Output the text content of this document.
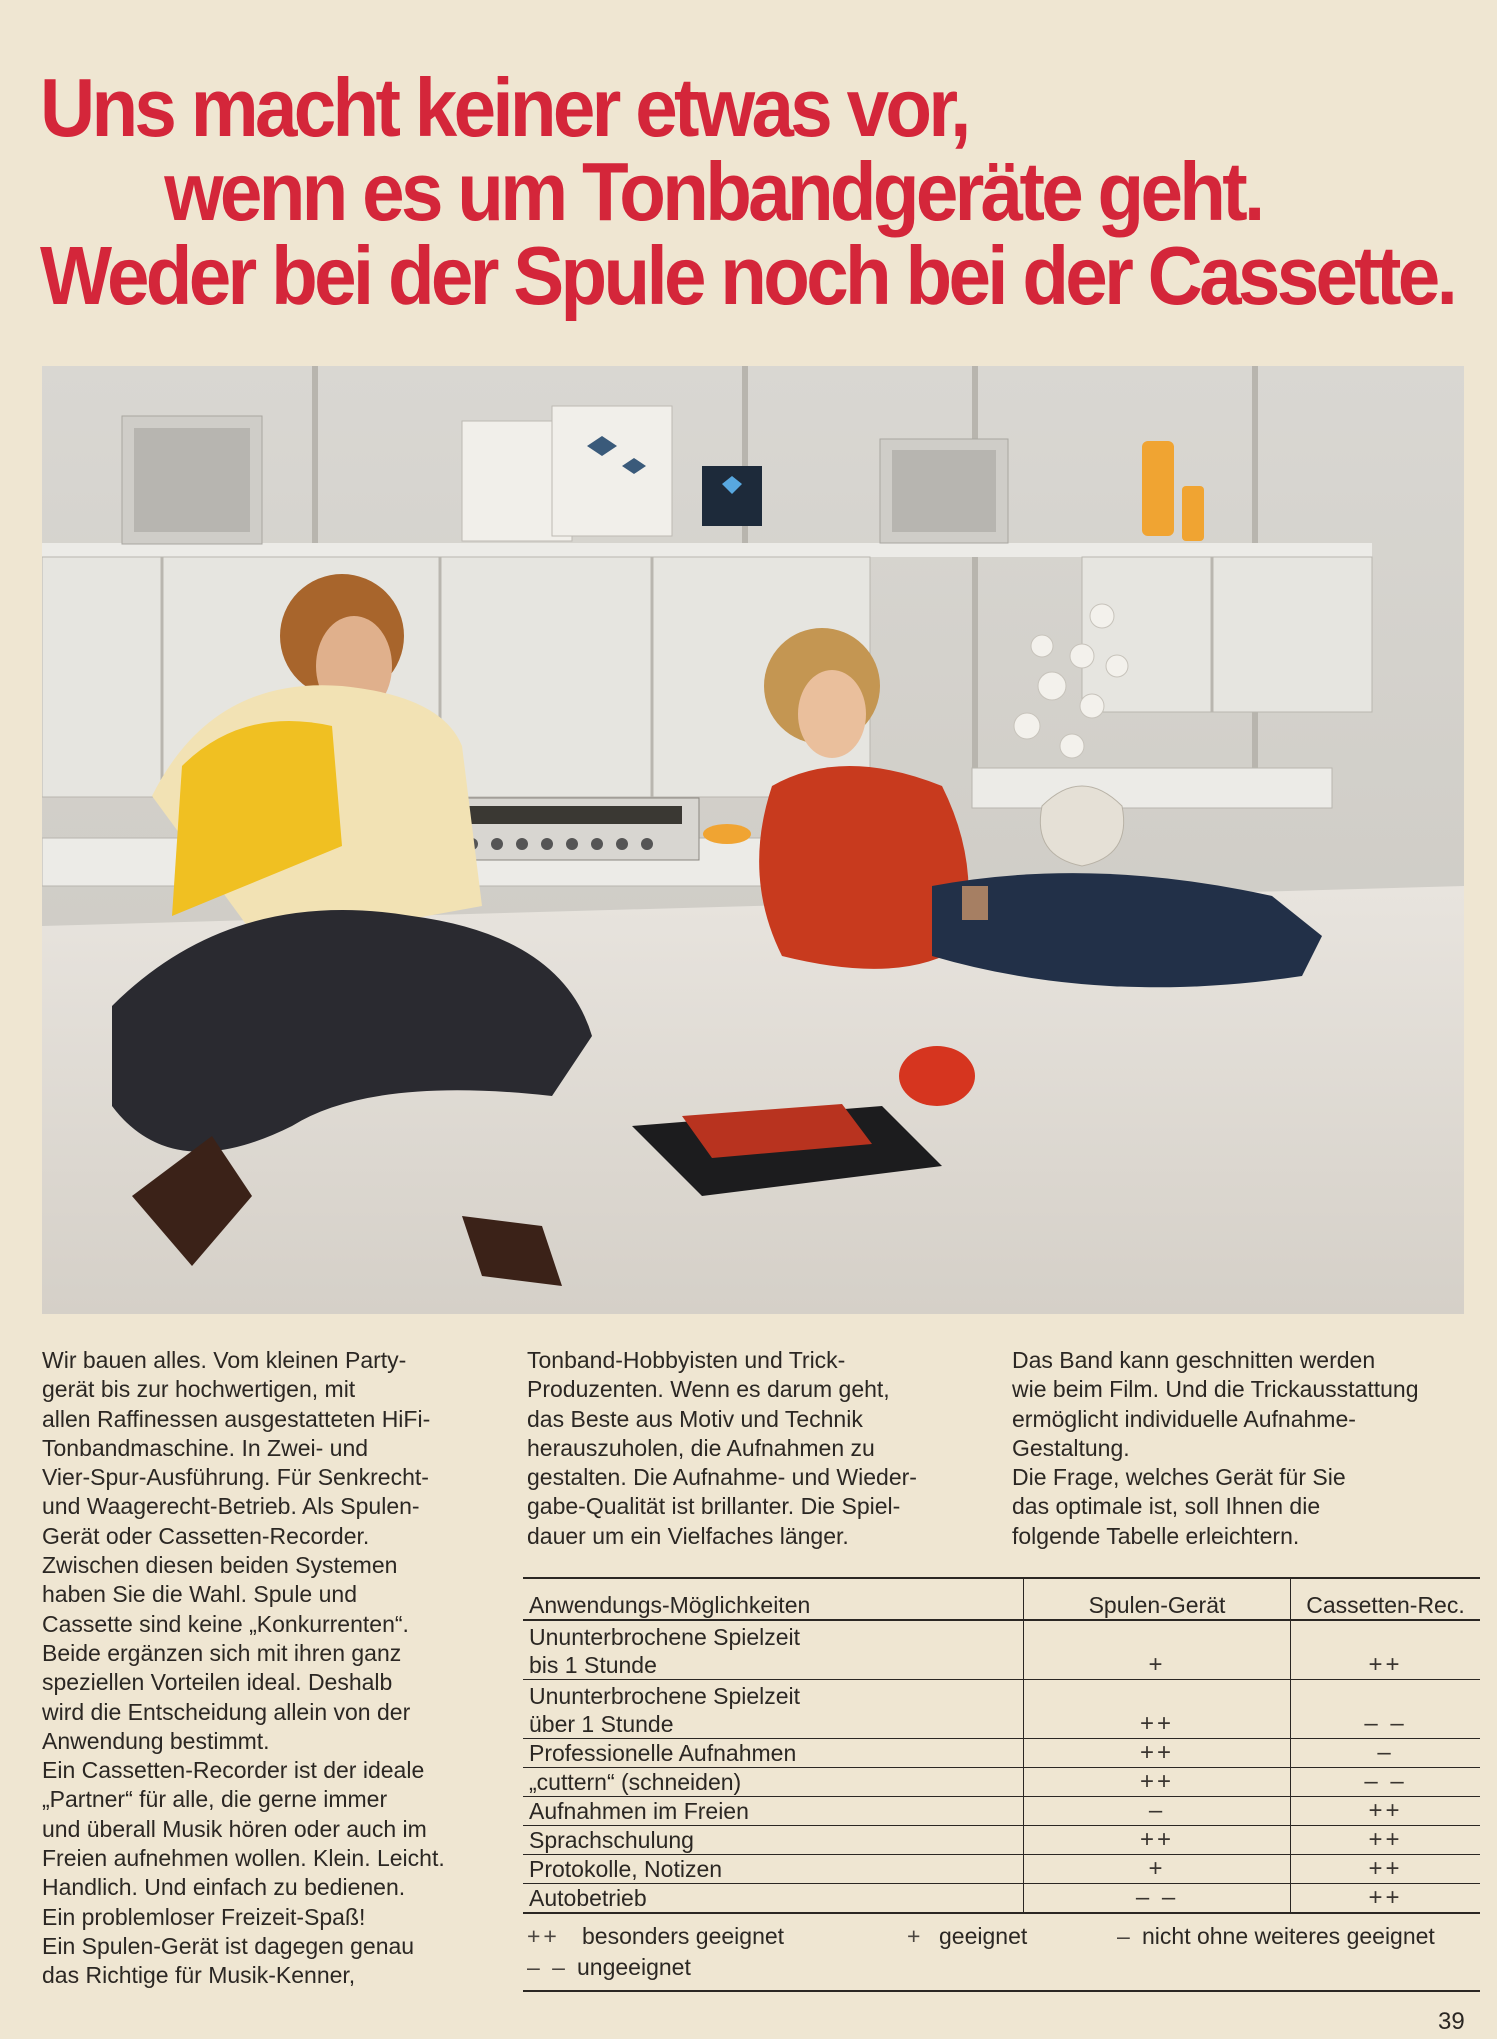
Uns macht keiner etwas vor,
wenn es um Tonbandgeräte geht.
Weder bei der Spule noch bei der Cassette.
Wir bauen alles. Vom kleinen Party-
gerät bis zur hochwertigen, mit
allen Raffinessen ausgestatteten HiFi-
Tonbandmaschine. In Zwei- und
Vier-Spur-Ausführung. Für Senkrecht-
und Waagerecht-Betrieb. Als Spulen-
Gerät oder Cassetten-Recorder.
Zwischen diesen beiden Systemen
haben Sie die Wahl. Spule und
Cassette sind keine „Konkurrenten“.
Beide ergänzen sich mit ihren ganz
speziellen Vorteilen ideal. Deshalb
wird die Entscheidung allein von der
Anwendung bestimmt.
Ein Cassetten-Recorder ist der ideale
„Partner“ für alle, die gerne immer
und überall Musik hören oder auch im
Freien aufnehmen wollen. Klein. Leicht.
Handlich. Und einfach zu bedienen.
Ein problemloser Freizeit-Spaß!
Ein Spulen-Gerät ist dagegen genau
das Richtige für Musik-Kenner,
Tonband-Hobbyisten und Trick-
Produzenten. Wenn es darum geht,
das Beste aus Motiv und Technik
herauszuholen, die Aufnahmen zu
gestalten. Die Aufnahme- und Wieder-
gabe-Qualität ist brillanter. Die Spiel-
dauer um ein Vielfaches länger.
Das Band kann geschnitten werden
wie beim Film. Und die Trickausstattung
ermöglicht individuelle Aufnahme-
Gestaltung.
Die Frage, welches Gerät für Sie
das optimale ist, soll Ihnen die
folgende Tabelle erleichtern.
Anwendungs-Möglichkeiten	Spulen-Gerät	Cassetten-Rec.
Ununterbrochene Spielzeit
bis 1 Stunde	+	++
Ununterbrochene Spielzeit
über 1 Stunde	++	– –
Professionelle Aufnahmen	++	–
„cuttern“ (schneiden)	++	– –
Aufnahmen im Freien	–	++
Sprachschulung	++	++
Protokolle, Notizen	+	++
Autobetrieb	– –	++
++ besonders geeignet	+ geeignet	– nicht ohne weiteres geeignet
– – ungeeignet
39
